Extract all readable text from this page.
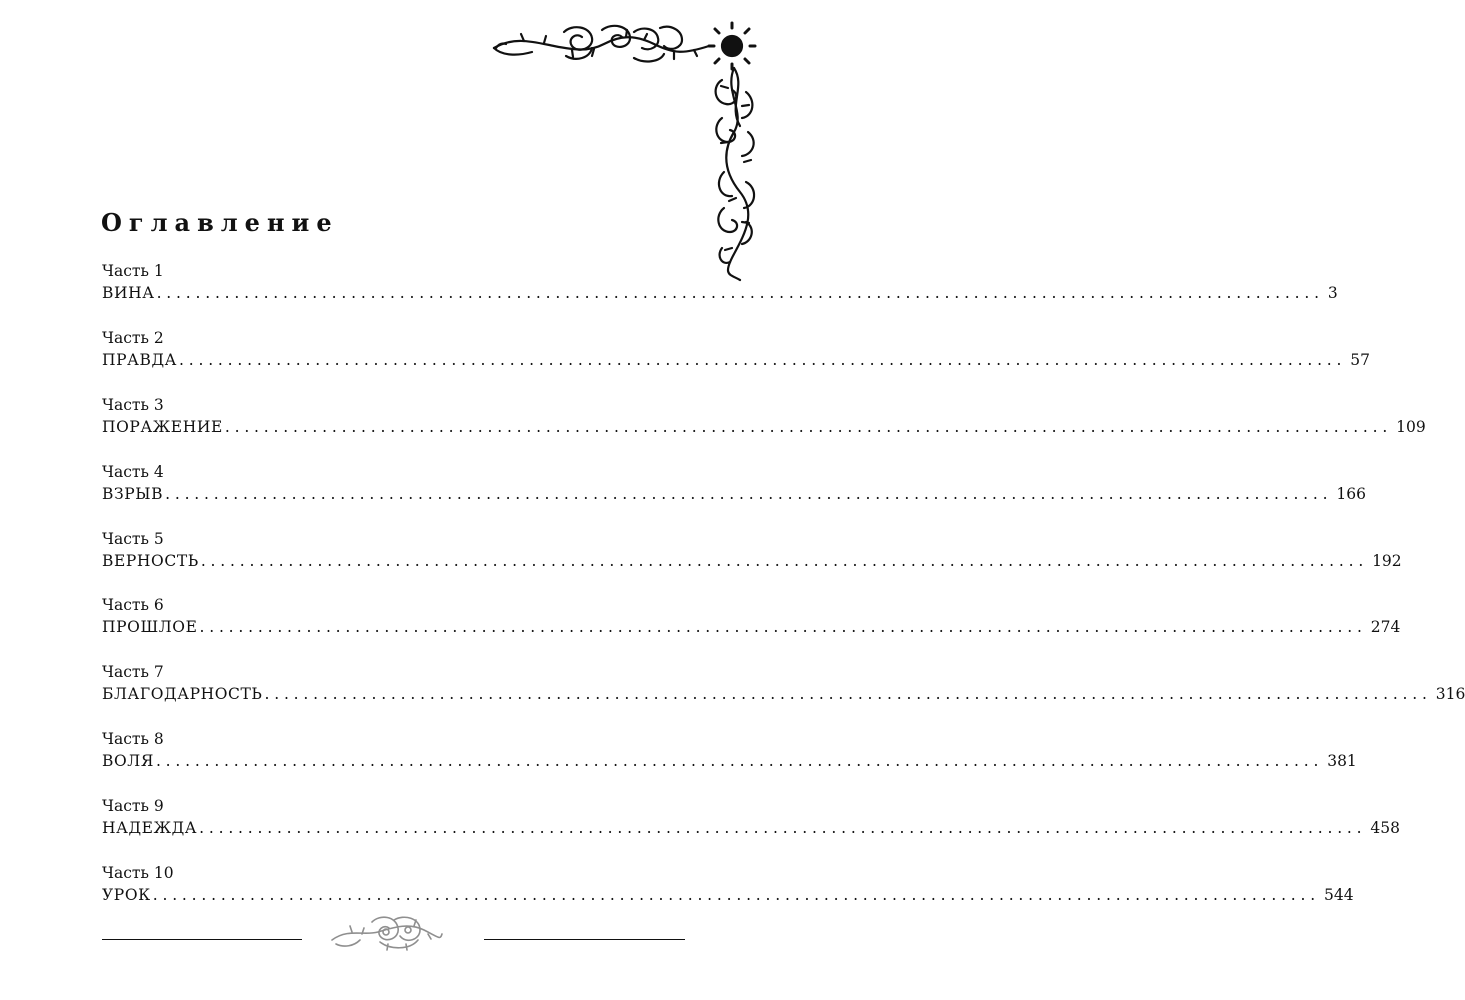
Оглавление
Часть 1
ВИНА ........................................................................................................................ 3
Часть 2
ПРАВДА ........................................................................................................................ 57
Часть 3
ПОРАЖЕНИЕ ........................................................................................................................ 109
Часть 4
ВЗРЫВ ........................................................................................................................ 166
Часть 5
ВЕРНОСТЬ ........................................................................................................................ 192
Часть 6
ПРОШЛОЕ ........................................................................................................................ 274
Часть 7
БЛАГОДАРНОСТЬ ........................................................................................................................ 316
Часть 8
ВОЛЯ ........................................................................................................................ 381
Часть 9
НАДЕЖДА ........................................................................................................................ 458
Часть 10
УРОК ........................................................................................................................ 544
